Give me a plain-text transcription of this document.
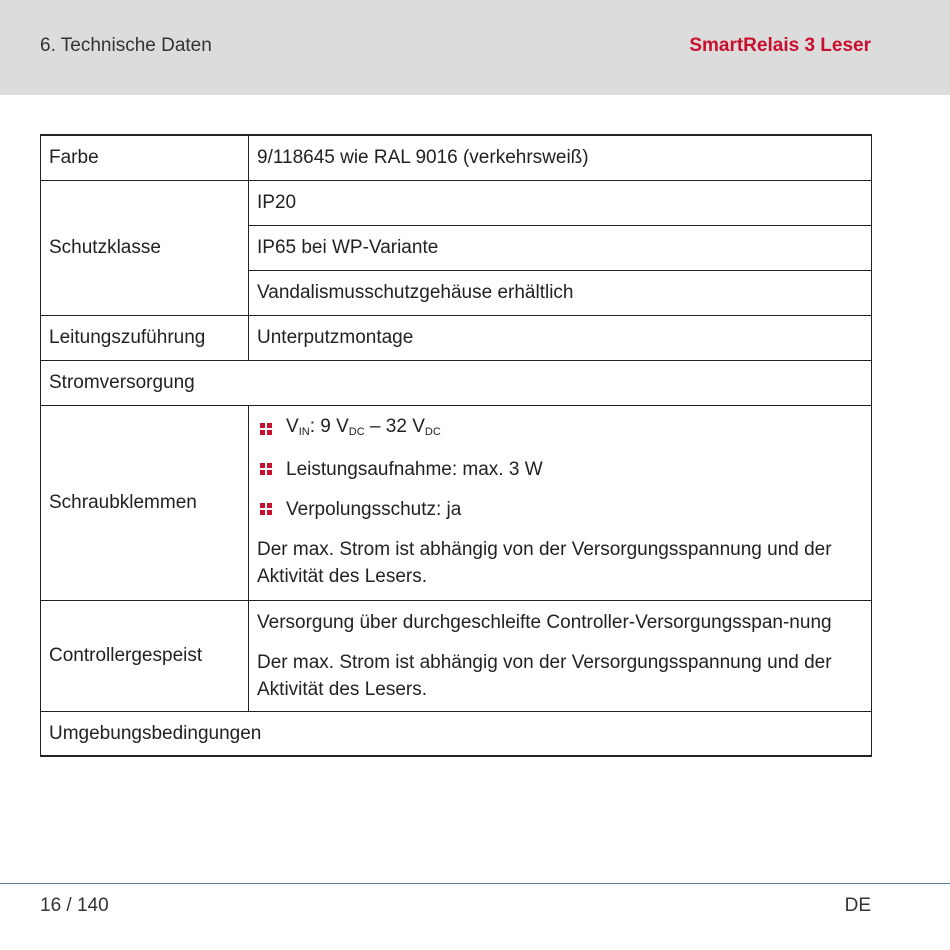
6. Technische Daten	SmartRelais 3 Leser
Farbe	9/118645 wie RAL 9016 (verkehrsweiß)
Schutzklasse	IP20
	IP65 bei WP-Variante
	Vandalismusschutzgehäuse erhältlich
Leitungszuführung	Unterputzmontage
Stromversorgung	
Schraubklemmen	$V_{IN}$: 9 $V_{DC} - 32$ $V_{DC}$
Leistungsaufnahme: max. 3 W
Verpolungsschutz: ja

Der max. Strom ist abhängig von der Versorgungsspannung und der Aktivität des Lesers.

Controllergespeist	Versorgung über durchgeschleifte Controller-Versorgungsspan-nung

Der max. Strom ist abhängig von der Versorgungsspannung und der Aktivität des Lesers.

Umgebungsbedingungen	
16 / 140	DE
